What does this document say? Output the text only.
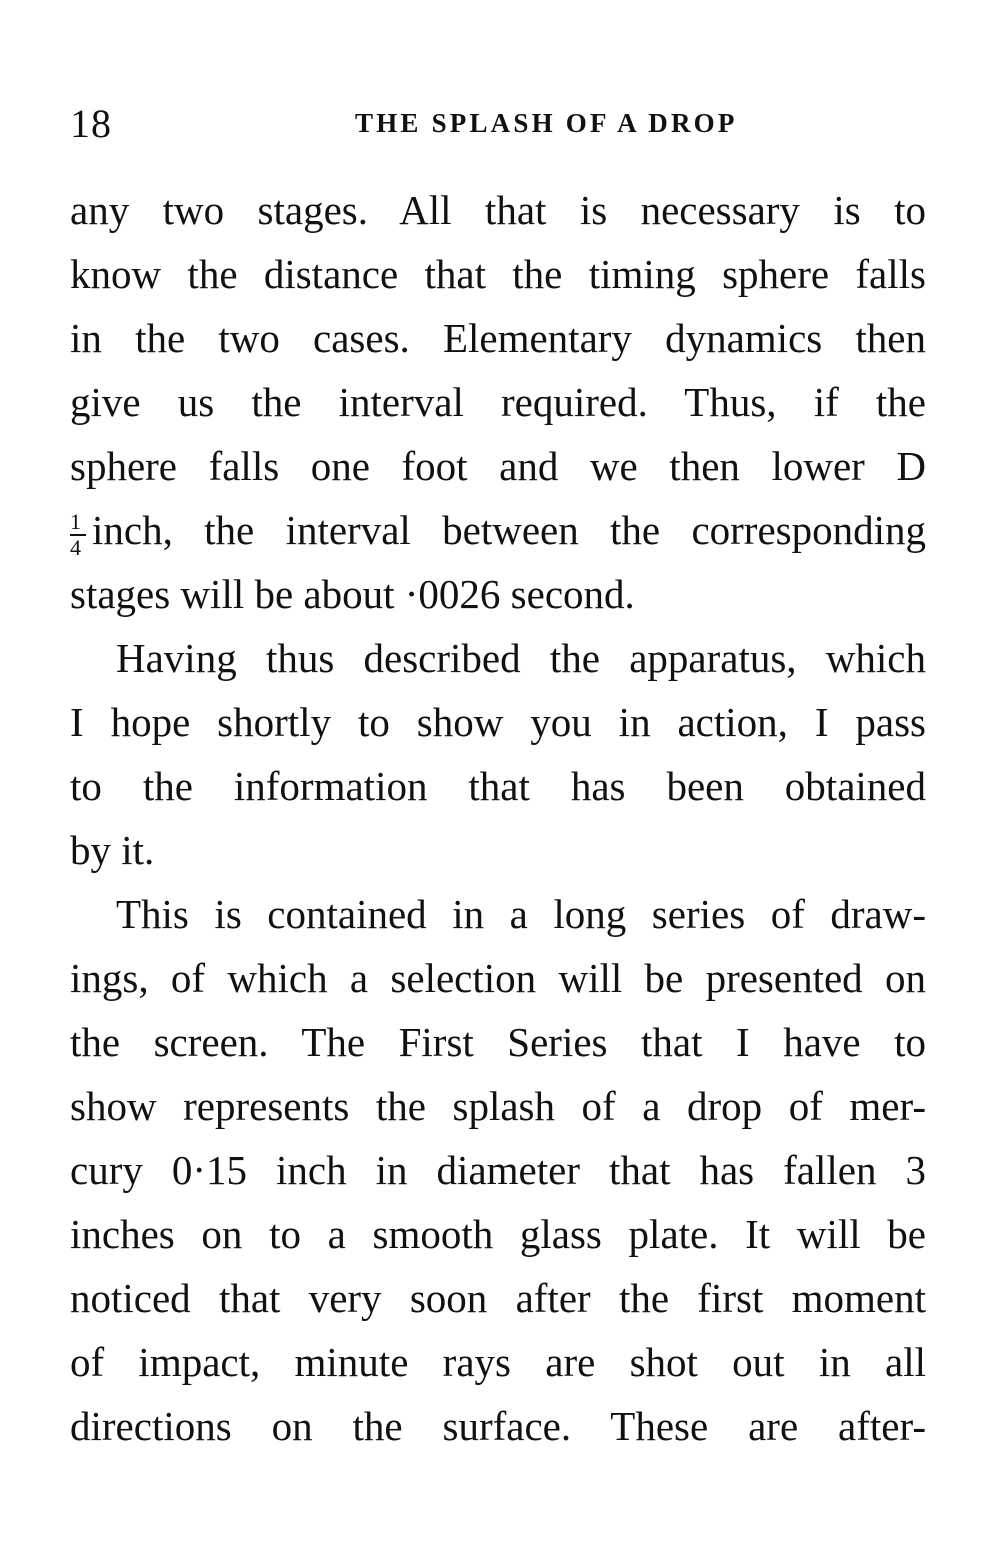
18	THE SPLASH OF A DROP
any two stages. All that is necessary is to
know the distance that the timing sphere falls
in the two cases. Elementary dynamics then
give us the interval required. Thus, if the
sphere falls one foot and we then lower D
$\frac{1}{4}$ inch, the interval between the corresponding
stages will be about ·0026 second.
Having thus described the apparatus, which
I hope shortly to show you in action, I pass
to the information that has been obtained
by it.
This is contained in a long series of draw-
ings, of which a selection will be presented on
the screen. The First Series that I have to
show represents the splash of a drop of mer-
cury 0·15 inch in diameter that has fallen 3
inches on to a smooth glass plate. It will be
noticed that very soon after the first moment
of impact, minute rays are shot out in all
directions on the surface. These are after-
